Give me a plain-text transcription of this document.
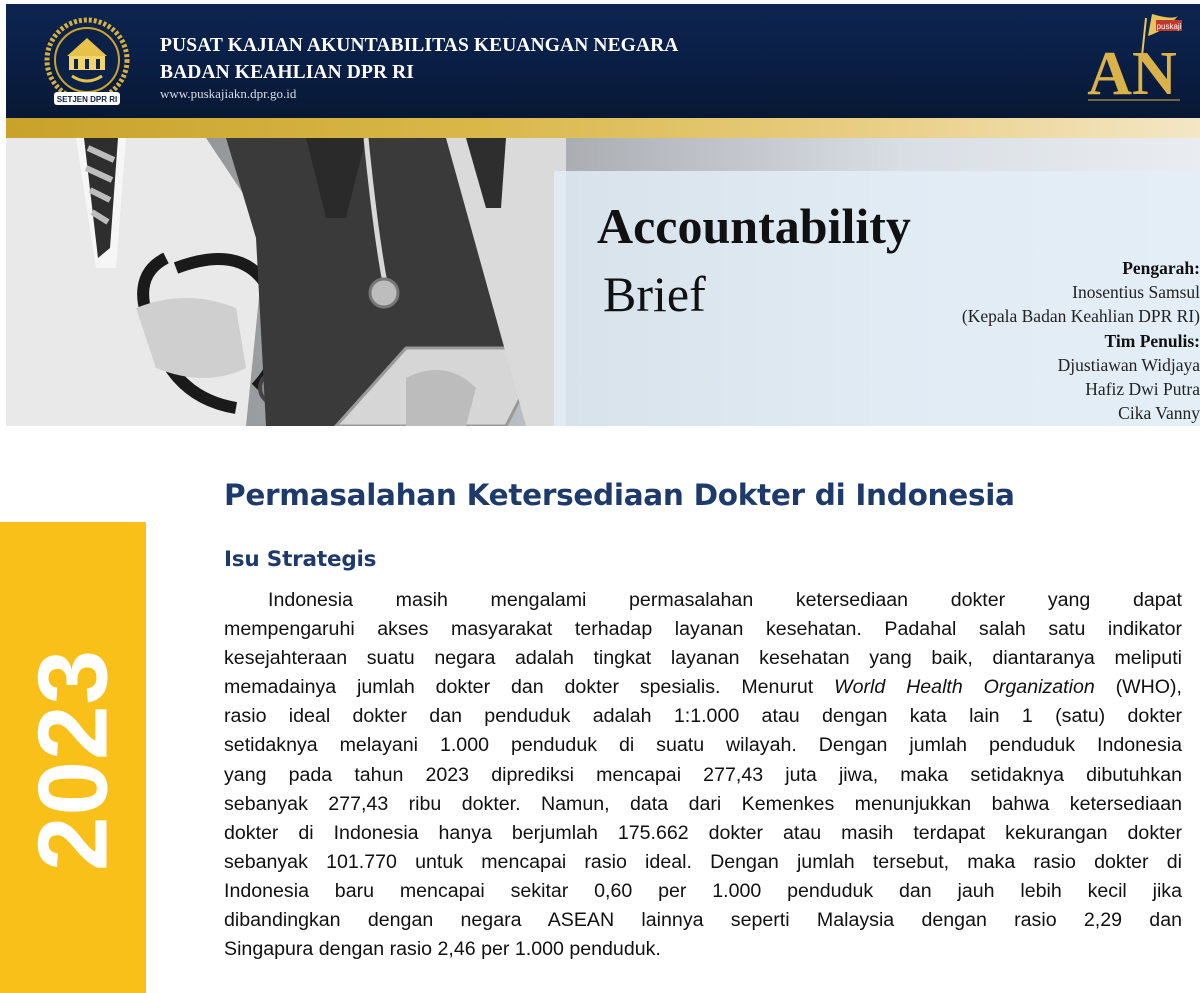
SETJEN DPR RI
PUSAT KAJIAN AKUNTABILITAS KEUANGAN NEGARA
BADAN KEAHLIAN DPR RI
www.puskajiakn.dpr.go.id
puskaji
AN
Accountability
Brief	Pengarah:
Inosentius Samsul
(Kepala Badan Keahlian DPR RI)
Tim Penulis:
Djustiawan Widjaya
Hafiz Dwi Putra
Cika Vanny
2023
Permasalahan Ketersediaan Dokter di Indonesia
Isu Strategis
Indonesia masih mengalami permasalahan ketersediaan dokter yang dapat
mempengaruhi akses masyarakat terhadap layanan kesehatan. Padahal salah satu indikator
kesejahteraan suatu negara adalah tingkat layanan kesehatan yang baik, diantaranya meliputi
memadainya jumlah dokter dan dokter spesialis. Menurut World Health Organization (WHO),
rasio ideal dokter dan penduduk adalah 1:1.000 atau dengan kata lain 1 (satu) dokter
setidaknya melayani 1.000 penduduk di suatu wilayah. Dengan jumlah penduduk Indonesia
yang pada tahun 2023 diprediksi mencapai 277,43 juta jiwa, maka setidaknya dibutuhkan
sebanyak 277,43 ribu dokter. Namun, data dari Kemenkes menunjukkan bahwa ketersediaan
dokter di Indonesia hanya berjumlah 175.662 dokter atau masih terdapat kekurangan dokter
sebanyak 101.770 untuk mencapai rasio ideal. Dengan jumlah tersebut, maka rasio dokter di
Indonesia baru mencapai sekitar 0,60 per 1.000 penduduk dan jauh lebih kecil jika
dibandingkan dengan negara ASEAN lainnya seperti Malaysia dengan rasio 2,29 dan
Singapura dengan rasio 2,46 per 1.000 penduduk.
